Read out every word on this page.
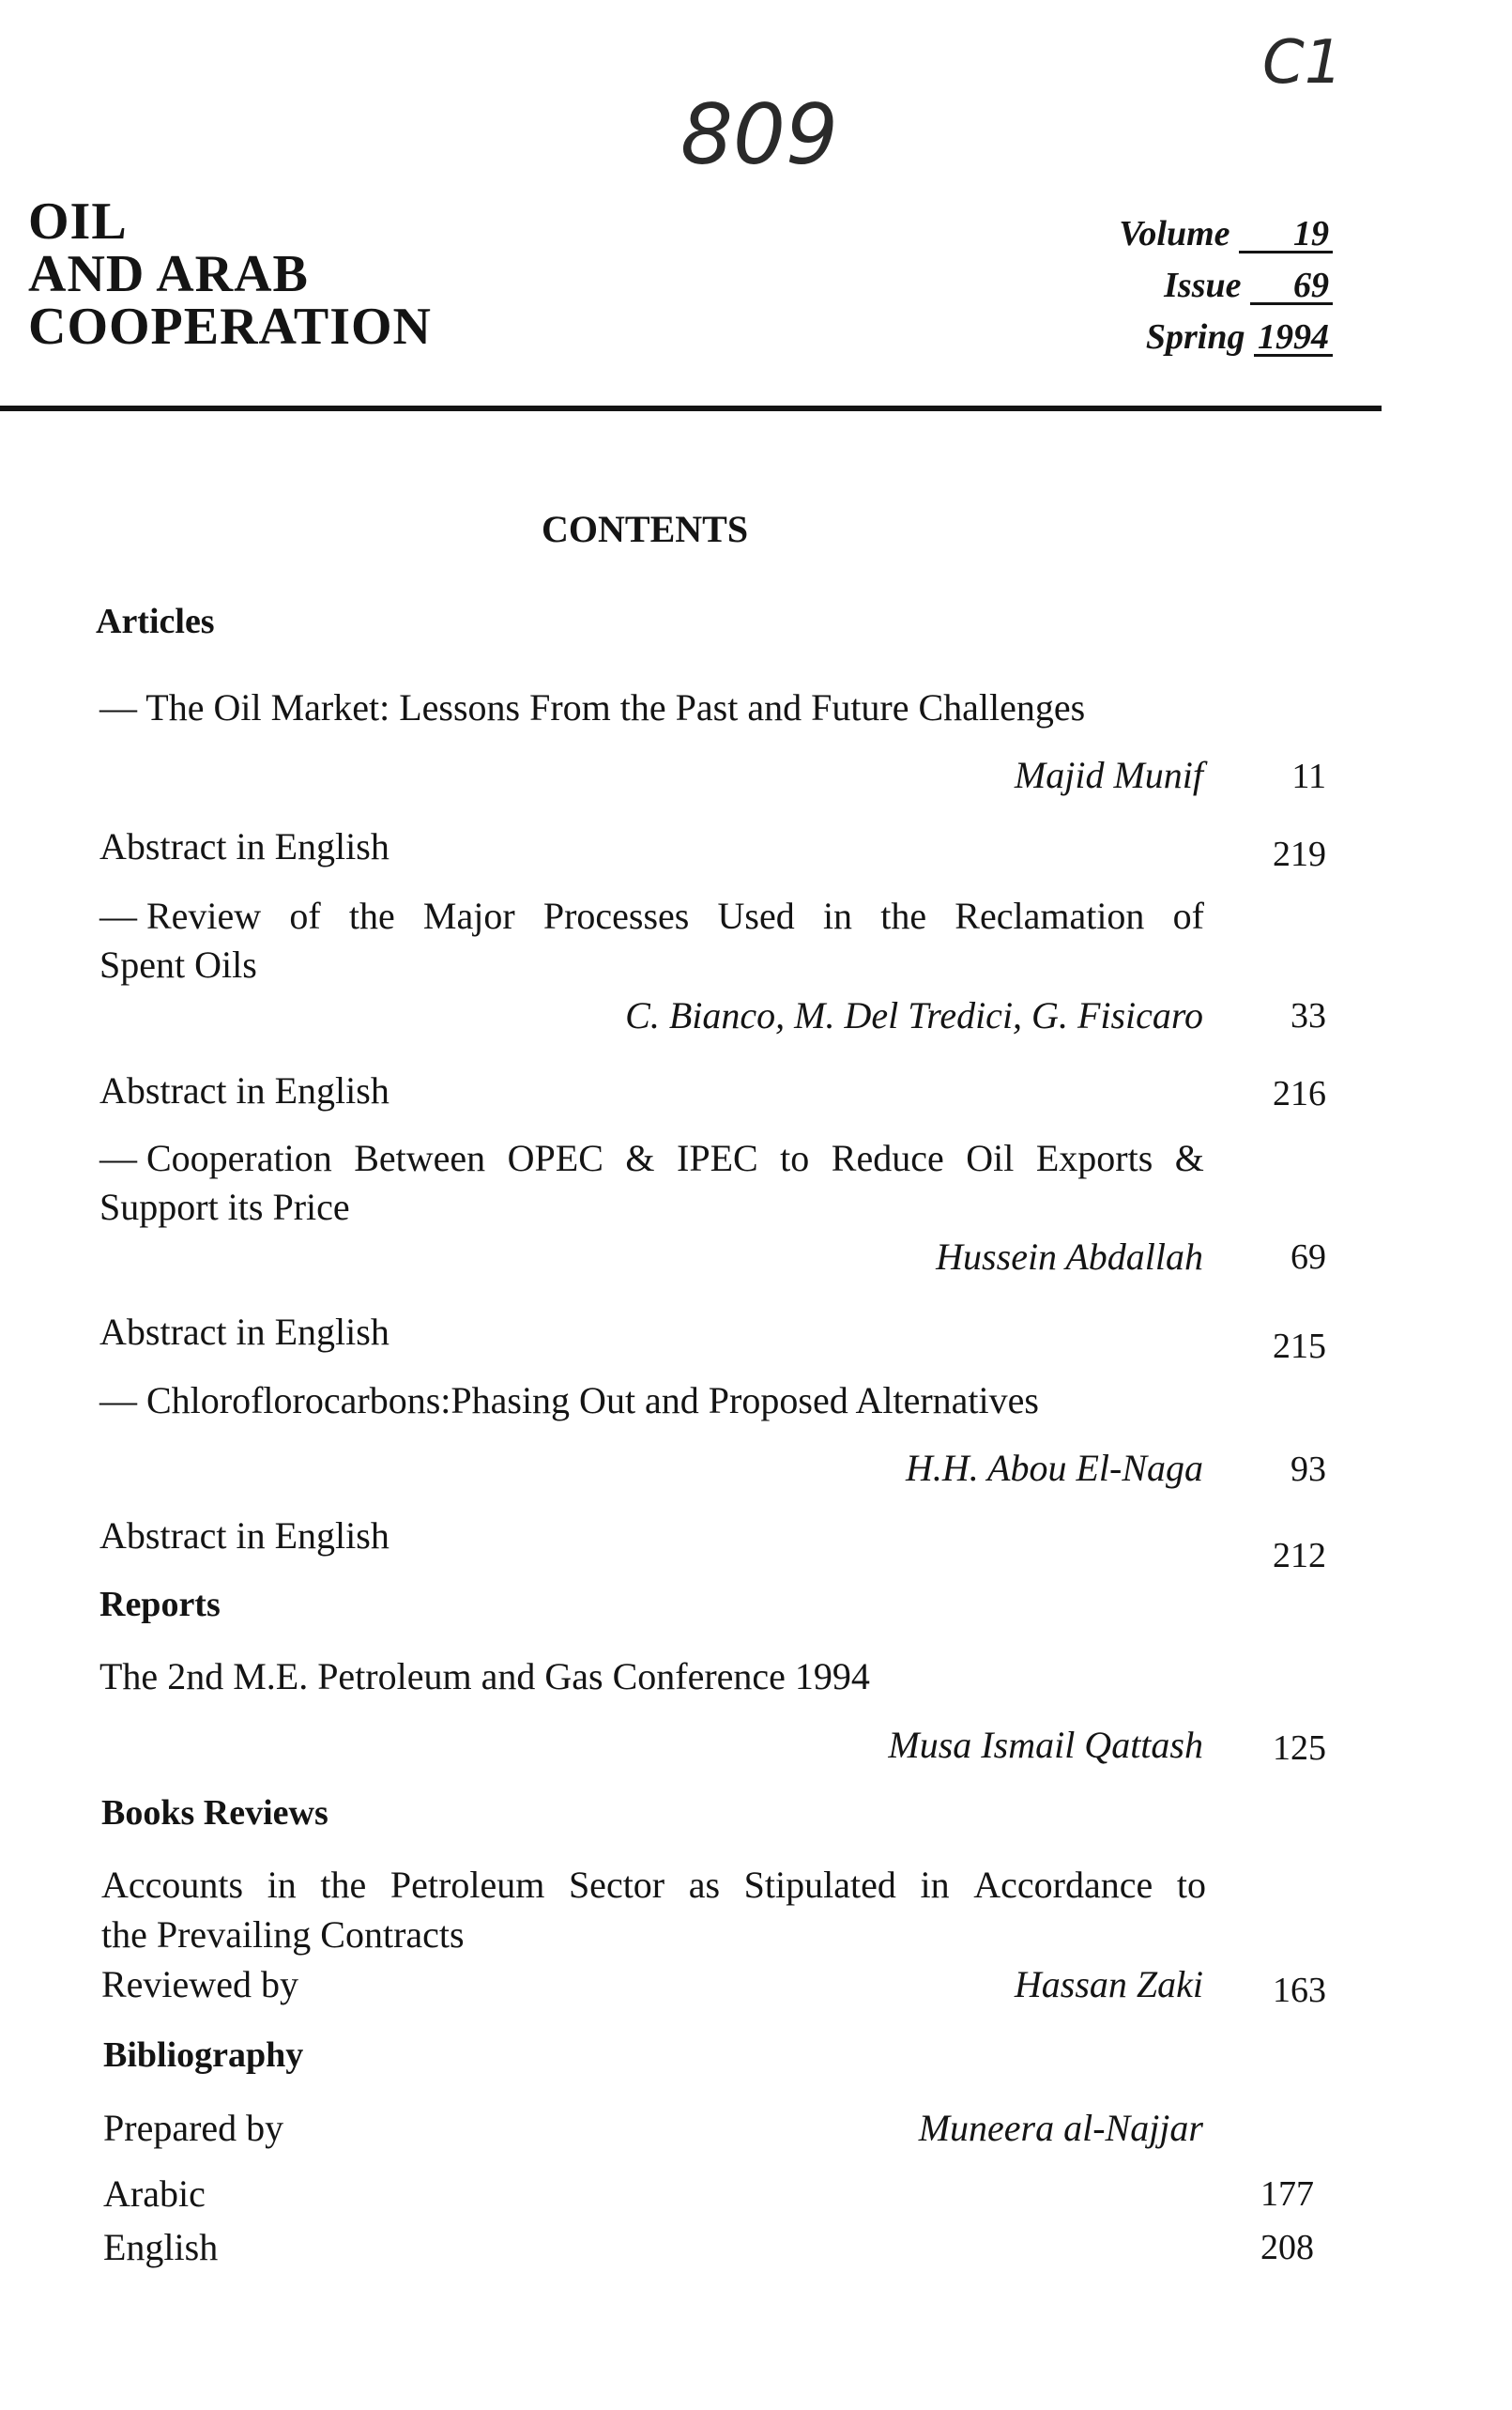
809
C1
OIL
AND ARAB
COOPERATION
Volume 19
Issue 69
Spring 1994
CONTENTS
Articles
— The Oil Market: Lessons From the Past and Future Challenges
Majid Munif	11
Abstract in English	219
— Review of the Major Processes Used in the Reclamation of
Spent Oils
C. Bianco, M. Del Tredici, G. Fisicaro	33
Abstract in English	216
— Cooperation Between OPEC & IPEC to Reduce Oil Exports &
Support its Price
Hussein Abdallah	69
Abstract in English	215
— Chloroflorocarbons:Phasing Out and Proposed Alternatives
H.H. Abou El-Naga	93
Abstract in English	212
Reports
The 2nd M.E. Petroleum and Gas Conference 1994
Musa Ismail Qattash	125
Books Reviews
Accounts in the Petroleum Sector as Stipulated in Accordance to
the Prevailing Contracts
Reviewed by	Hassan Zaki	163
Bibliography
Prepared by	Muneera al-Najjar
Arabic	177
English	208
